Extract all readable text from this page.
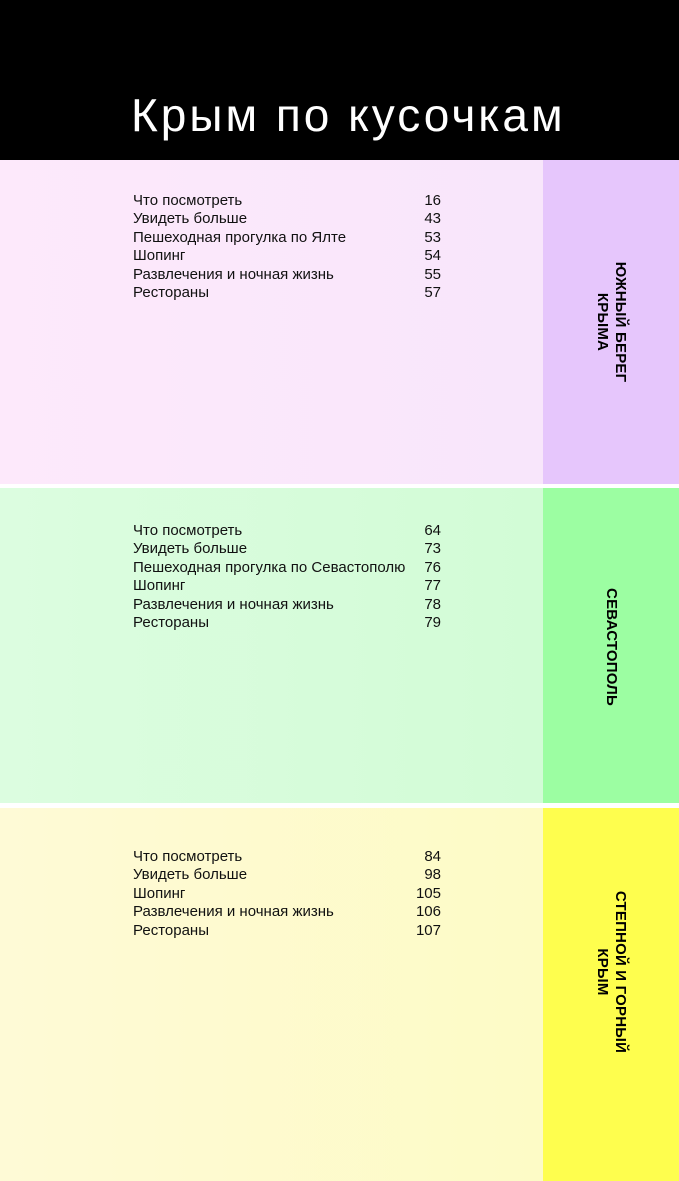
Крым по кусочкам
Что посмотреть	16
Увидеть больше	43
Пешеходная прогулка по Ялте	53
Шопинг	54
Развлечения и ночная жизнь	55
Рестораны	57	ЮЖНЫЙ БЕРЕГ
КРЫМА
Что посмотреть	64
Увидеть больше	73
Пешеходная прогулка по Севастополю 76
Шопинг	77
Развлечения и ночная жизнь	78
Рестораны	79	СЕВАСТОПОЛЬ
Что посмотреть	84
Увидеть больше	98
Шопинг	105
Развлечения и ночная жизнь	106
Рестораны	107	СТЕПНОЙ И ГОРНЫЙ
КРЫМ
